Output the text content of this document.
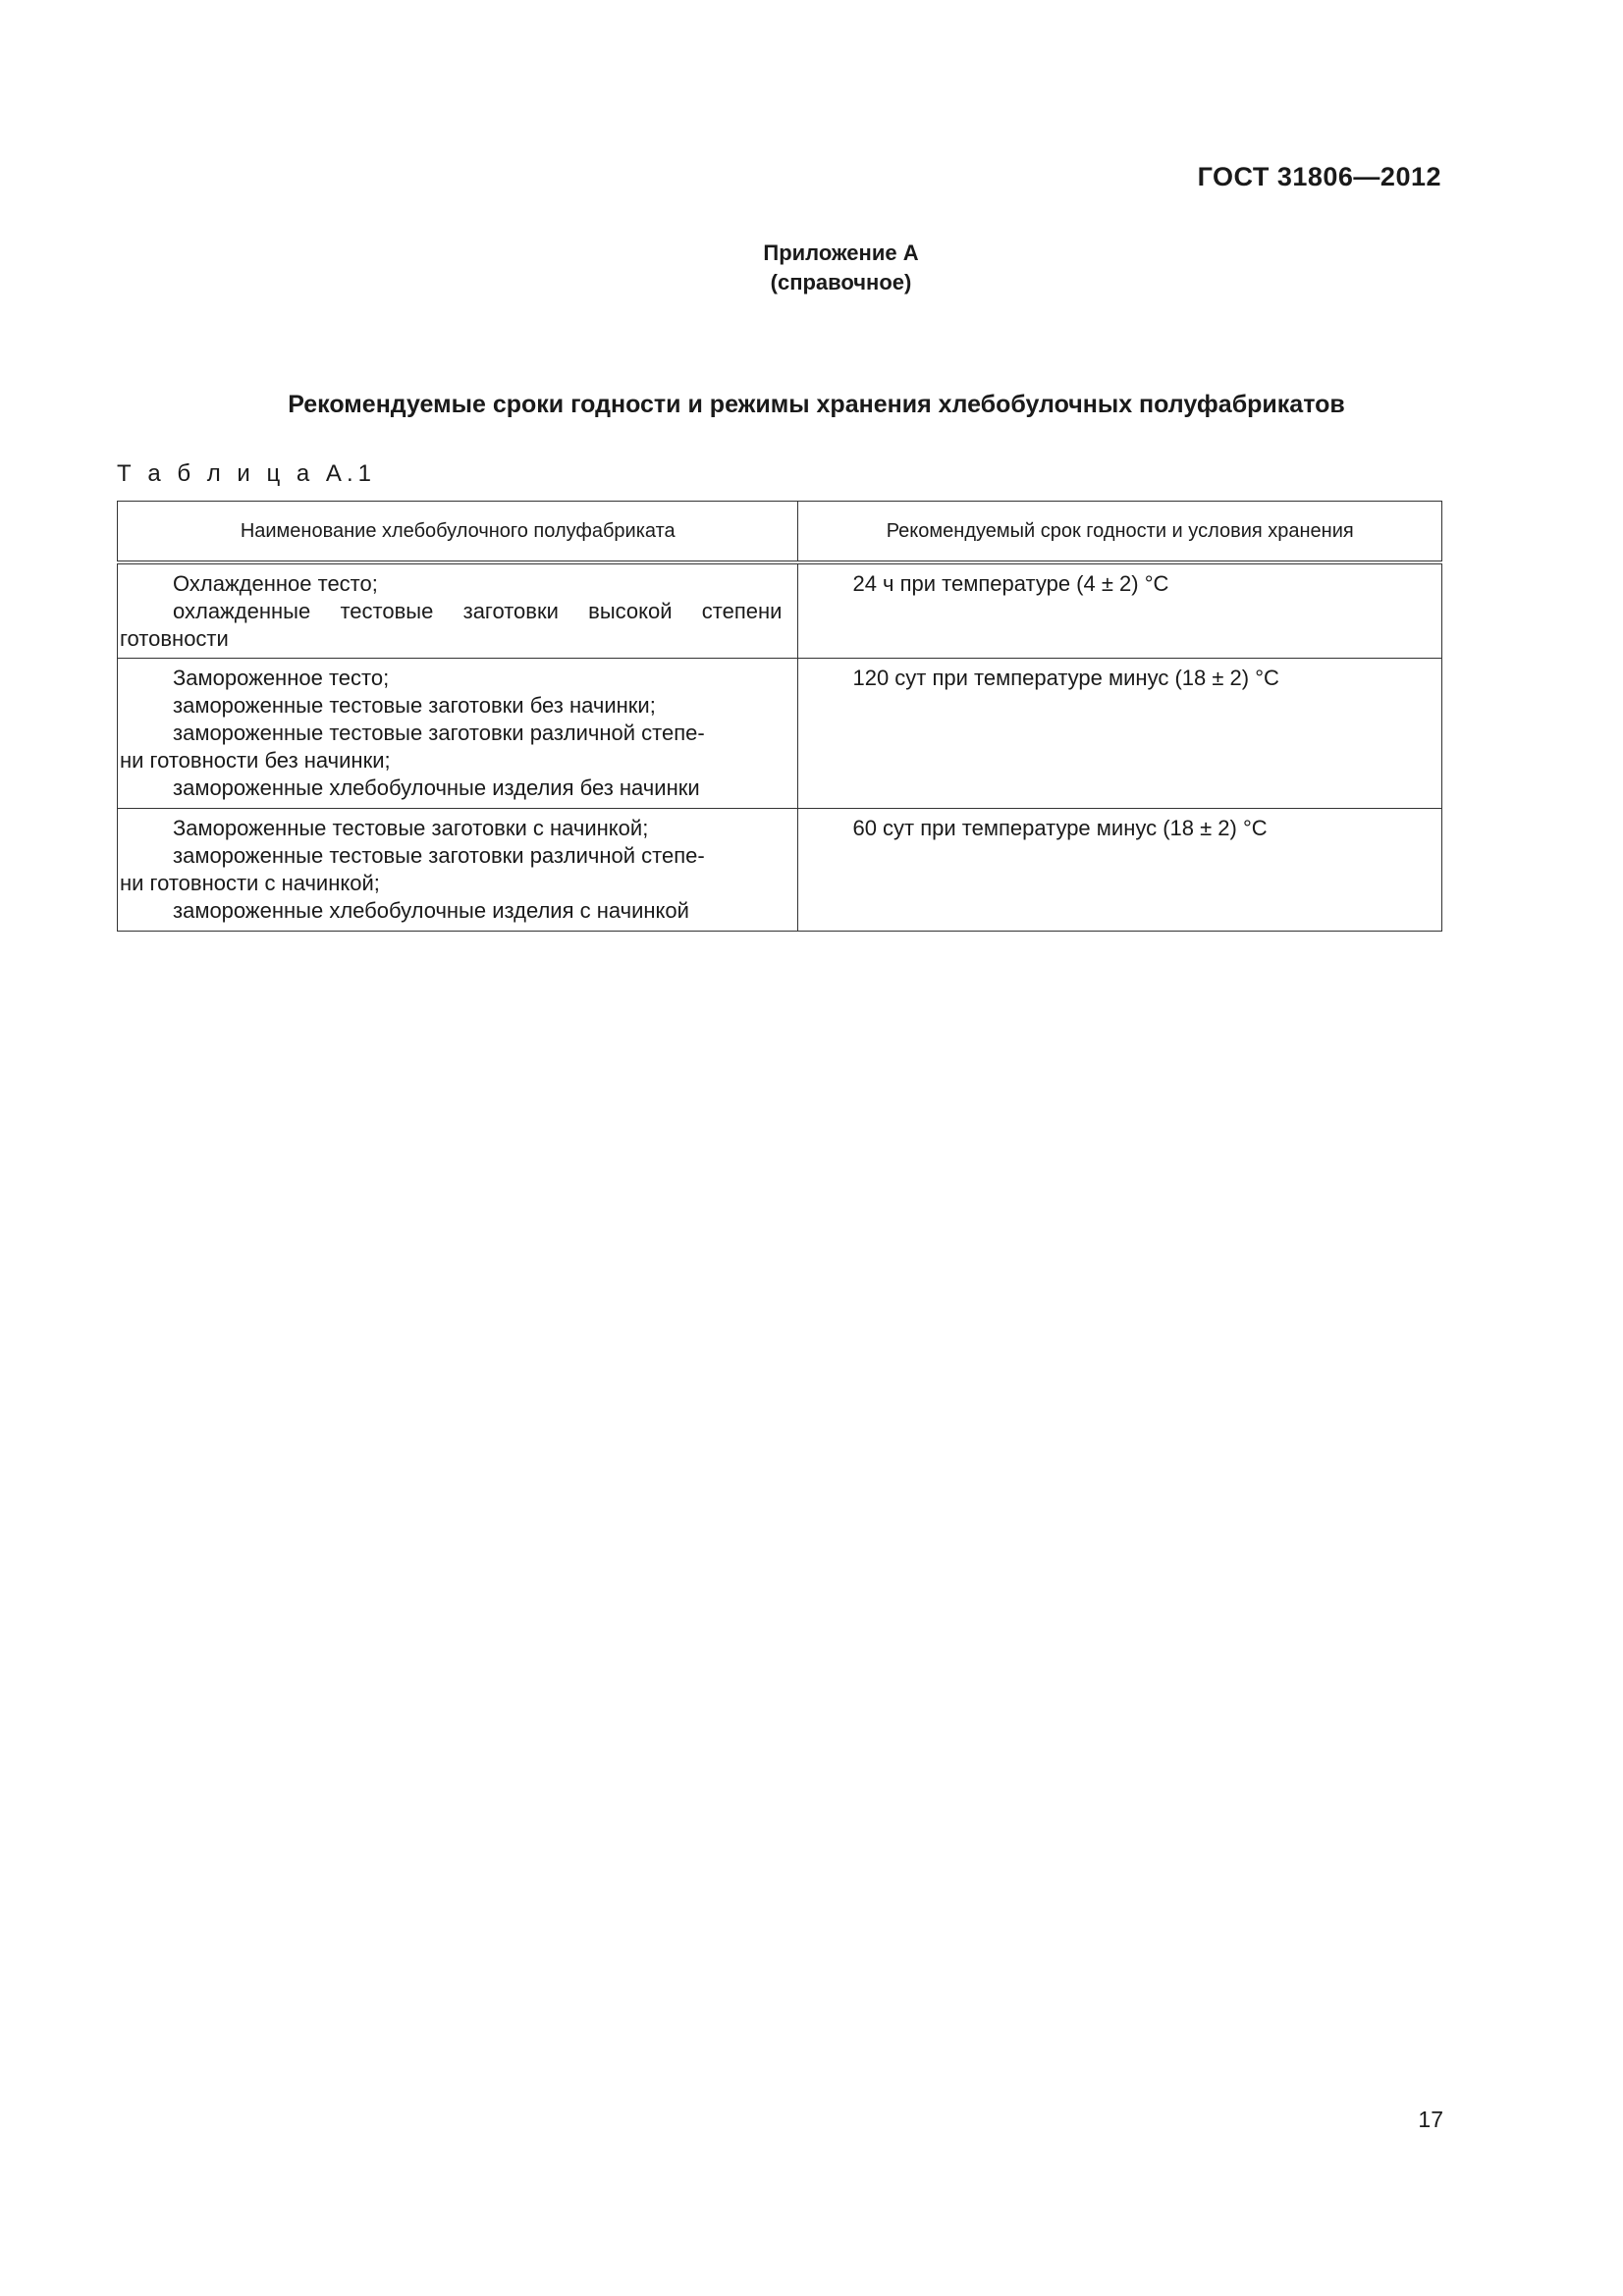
ГОСТ 31806—2012
Приложение А
(справочное)
Рекомендуемые сроки годности и режимы хранения хлебобулочных полуфабрикатов
Т а б л и ц а А.1
Наименование хлебобулочного полуфабриката	Рекомендуемый срок годности и условия хранения

Охлажденное тесто;
охлажденные тестовые заготовки высокой степени
готовности	24 ч при температуре (4 ± 2) °С

Замороженное тесто;
замороженные тестовые заготовки без начинки;
замороженные тестовые заготовки различной степе-
ни готовности без начинки;
замороженные хлебобулочные изделия без начинки	120 сут при температуре минус (18 ± 2) °С

Замороженные тестовые заготовки с начинкой;
замороженные тестовые заготовки различной степе-
ни готовности с начинкой;
замороженные хлебобулочные изделия с начинкой	60 сут при температуре минус (18 ± 2) °С
17
